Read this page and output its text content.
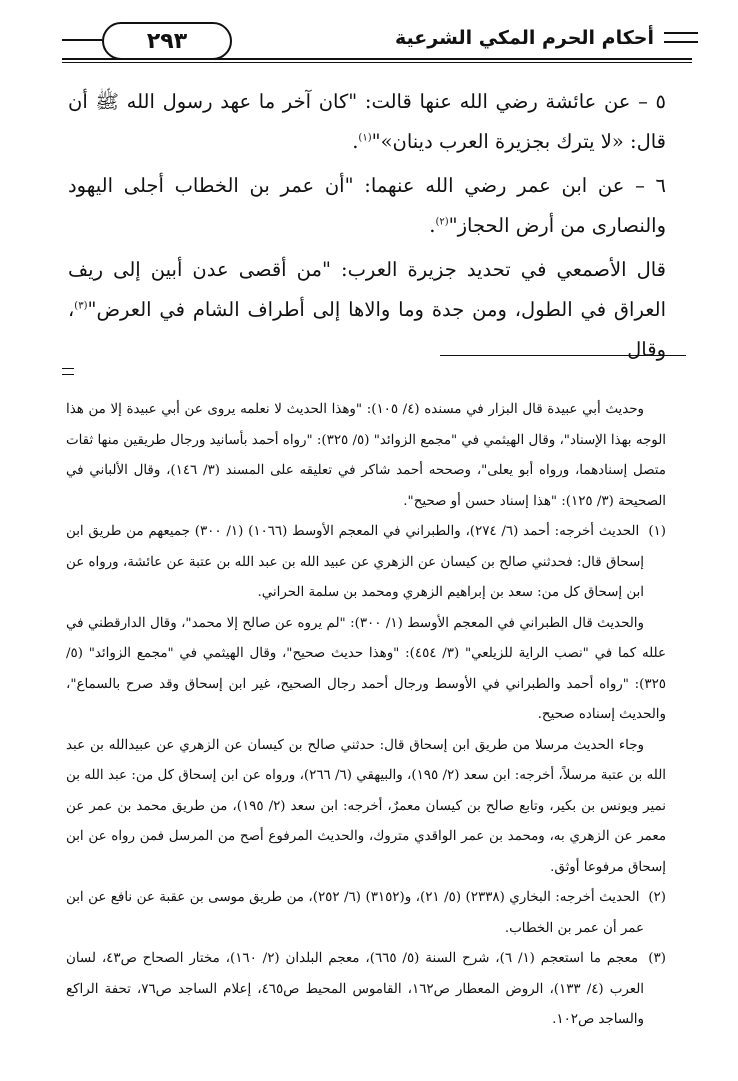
أحكام الحرم المكي الشرعية
٢٩٣

٥ – عن عائشة رضي الله عنها قالت: "كان آخر ما عهد رسول الله ﷺ أن قال: «لا يترك بجزيرة العرب دينان»"$^{(١)}$.

٦ – عن ابن عمر رضي الله عنهما: "أن عمر بن الخطاب أجلى اليهود والنصارى من أرض الحجاز"$^{(٢)}$.

قال الأصمعي في تحديد جزيرة العرب: "من أقصى عدن أبين إلى ريف العراق في الطول، ومن جدة وما والاها إلى أطراف الشام في العرض"$^{(٣)}$، وقال

وحديث أبي عبيدة قال البزار في مسنده (٤/ ١٠٥): "وهذا الحديث لا نعلمه يروى عن أبي عبيدة إلا من هذا الوجه بهذا الإسناد"، وقال الهيثمي في "مجمع الزوائد" (٥/ ٣٢٥): "رواه أحمد بأسانيد ورجال طريقين منها ثقات متصل إسنادهما، ورواه أبو يعلى"، وصححه أحمد شاكر في تعليقه على المسند (٣/ ١٤٦)، وقال الألباني في الصحيحة (٣/ ١٢٥): "هذا إسناد حسن أو صحيح".

(١) الحديث أخرجه: أحمد (٦/ ٢٧٤)، والطبراني في المعجم الأوسط (١٠٦٦) (١/ ٣٠٠) جميعهم من طريق ابن إسحاق قال: فحدثني صالح بن كيسان عن الزهري عن عبيد الله بن عبد الله بن عتبة عن عائشة، ورواه عن ابن إسحاق كل من: سعد بن إبراهيم الزهري ومحمد بن سلمة الحراني.

والحديث قال الطبراني في المعجم الأوسط (١/ ٣٠٠): "لم يروه عن صالح إلا محمد"، وقال الدارقطني في علله كما في "نصب الراية للزيلعي" (٣/ ٤٥٤): "وهذا حديث صحيح"، وقال الهيثمي في "مجمع الزوائد" (٥/ ٣٢٥): "رواه أحمد والطبراني في الأوسط ورجال أحمد رجال الصحيح، غير ابن إسحاق وقد صرح بالسماع"، والحديث إسناده صحيح.

وجاء الحديث مرسلا من طريق ابن إسحاق قال: حدثني صالح بن كيسان عن الزهري عن عبيدالله بن عبد الله بن عتبة مرسلاً، أخرجه: ابن سعد (٢/ ١٩٥)، والبيهقي (٦/ ٢٦٦)، ورواه عن ابن إسحاق كل من: عبد الله بن نمير ويونس بن بكير، وتابع صالح بن كيسان معمرٌ، أخرجه: ابن سعد (٢/ ١٩٥)، من طريق محمد بن عمر عن معمر عن الزهري به، ومحمد بن عمر الواقدي متروك، والحديث المرفوع أصح من المرسل فمن رواه عن ابن إسحاق مرفوعا أوثق.

(٢) الحديث أخرجه: البخاري (٢٣٣٨) (٥/ ٢١)، و(٣١٥٢) (٦/ ٢٥٢)، من طريق موسى بن عقبة عن نافع عن ابن عمر أن عمر بن الخطاب.

(٣) معجم ما استعجم (١/ ٦)، شرح السنة (٥/ ٦٦٥)، معجم البلدان (٢/ ١٦٠)، مختار الصحاح ص٤٣، لسان العرب (٤/ ١٣٣)، الروض المعطار ص١٦٢، القاموس المحيط ص٤٦٥، إعلام الساجد ص٧٦، تحفة الراكع والساجد ص١٠٢.
